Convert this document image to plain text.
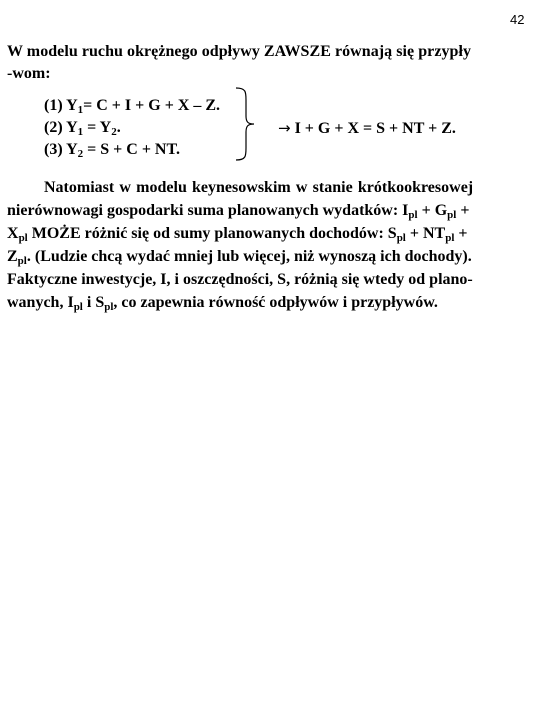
42
W modelu ruchu okrężnego odpływy ZAWSZE równają się przypły
-wom:
(1) $Y_1= C + I + G + X - Z$.
(2) $Y_1 = Y_2$.
(3) $Y_2 = S + C$ + NT.
→ I + G + X = S + NT + Z.
Natomiast w modelu keynesowskim w stanie krótkookresowej
nierównowagi gospodarki suma planowanych wydatków: $I_{pl} + G_{pl}$ +
$X_{pl}$ MOŻE różnić się od sumy planowanych dochodów: $S_{pl} + NT_{pl}$ +
$Z_{pl}$. (Ludzie chcą wydać mniej lub więcej, niż wynoszą ich dochody).
Faktyczne inwestycje, I, i oszczędności, S, różnią się wtedy od plano-
wanych, $I_{pl}$ i $S_{pl}$, co zapewnia równość odpływów i przypływów.
